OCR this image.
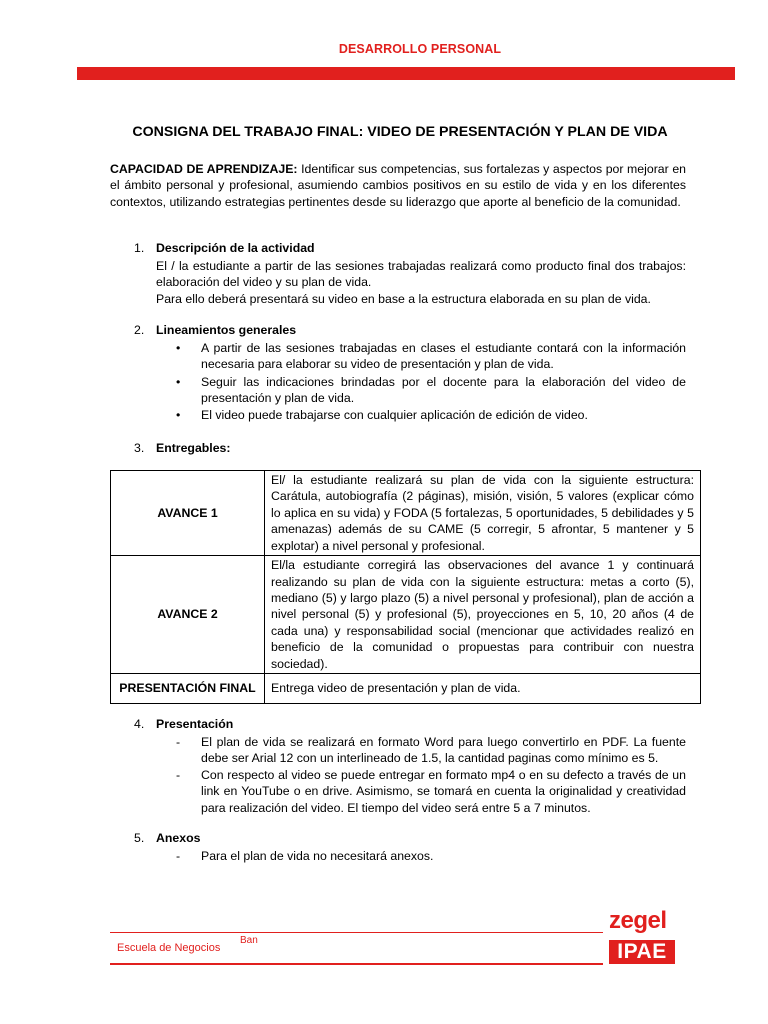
DESARROLLO PERSONAL
CONSIGNA DEL TRABAJO FINAL: VIDEO DE PRESENTACIÓN Y PLAN DE VIDA
CAPACIDAD DE APRENDIZAJE: Identificar sus competencias, sus fortalezas y aspectos por mejorar en el ámbito personal y profesional, asumiendo cambios positivos en su estilo de vida y en los diferentes contextos, utilizando estrategias pertinentes desde su liderazgo que aporte al beneficio de la comunidad.
1. Descripción de la actividad
El / la estudiante a partir de las sesiones trabajadas realizará como producto final dos trabajos: elaboración del video y su plan de vida.
Para ello deberá presentará su video en base a la estructura elaborada en su plan de vida.
2. Lineamientos generales
•	A partir de las sesiones trabajadas en clases el estudiante contará con la información necesaria para elaborar su video de presentación y plan de vida.
•	Seguir las indicaciones brindadas por el docente para la elaboración del video de presentación y plan de vida.
•	El video puede trabajarse con cualquier aplicación de edición de video.
3. Entregables:
AVANCE 1	El/ la estudiante realizará su plan de vida con la siguiente estructura: Carátula, autobiografía (2 páginas), misión, visión, 5 valores (explicar cómo lo aplica en su vida) y FODA (5 fortalezas, 5 oportunidades, 5 debilidades y 5 amenazas) además de su CAME (5 corregir, 5 afrontar, 5 mantener y 5 explotar) a nivel personal y profesional.
AVANCE 2	El/la estudiante corregirá las observaciones del avance 1 y continuará realizando su plan de vida con la siguiente estructura: metas a corto (5), mediano (5) y largo plazo (5) a nivel personal y profesional), plan de acción a nivel personal (5) y profesional (5), proyecciones en 5, 10, 20 años (4 de cada una) y responsabilidad social (mencionar que actividades realizó en beneficio de la comunidad o propuestas para contribuir con nuestra sociedad).
PRESENTACIÓN FINAL	Entrega video de presentación y plan de vida.
4. Presentación
-	El plan de vida se realizará en formato Word para luego convertirlo en PDF. La fuente debe ser Arial 12 con un interlineado de 1.5, la cantidad paginas como mínimo es 5.
-	Con respecto al video se puede entregar en formato mp4 o en su defecto a través de un link en YouTube o en drive. Asimismo, se tomará en cuenta la originalidad y creatividad para realización del video. El tiempo del video será entre 5 a 7 minutos.
5. Anexos
-	Para el plan de vida no necesitará anexos.
Ban
Escuela de Negocios
zegel
IPAE
